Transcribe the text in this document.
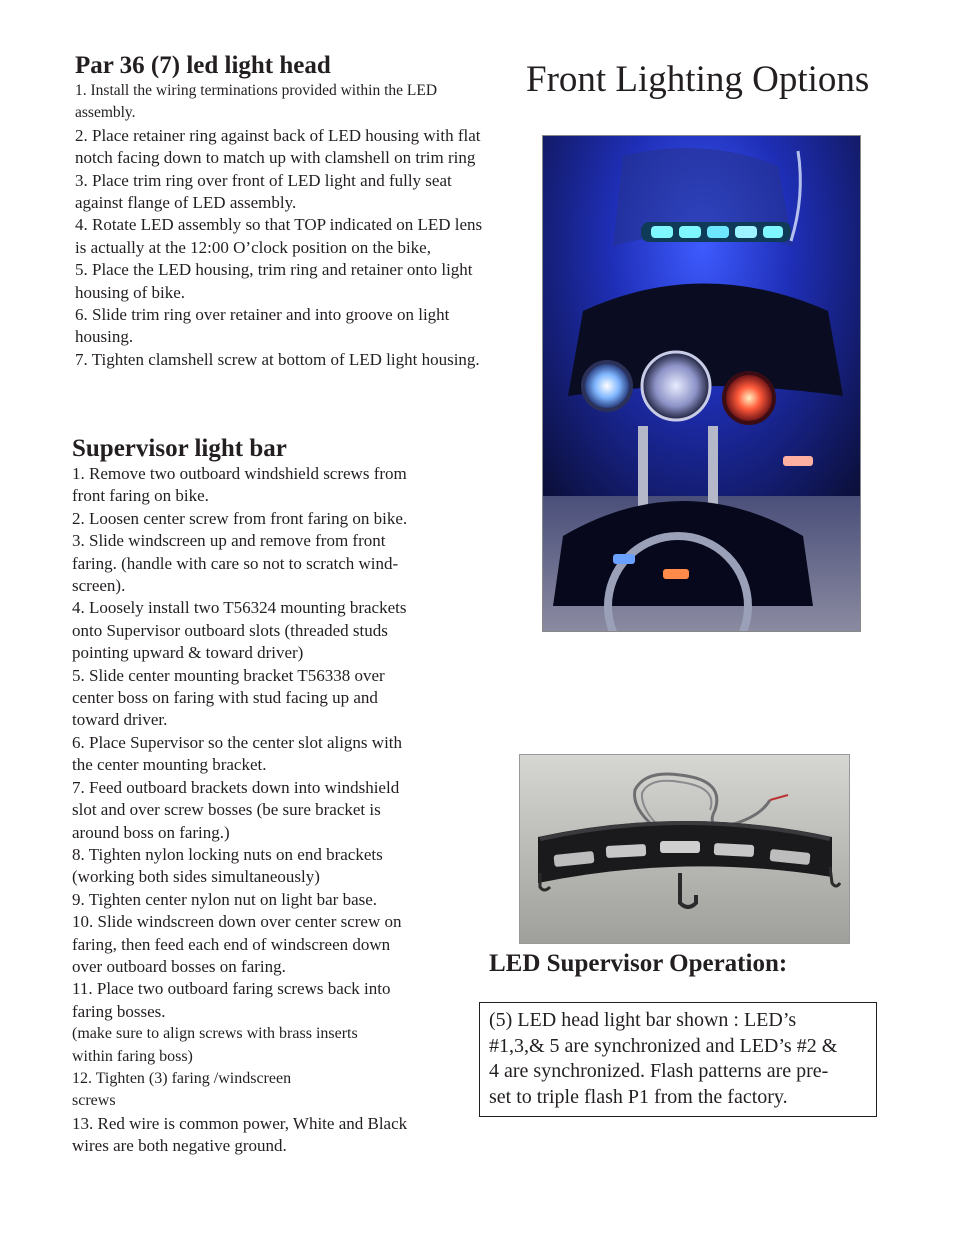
Par 36 (7) led light head
1. Install the wiring terminations provided within the LED
assembly.
2. Place retainer ring against back of LED housing with flat
notch facing down to match up with clamshell on trim ring
3. Place trim ring over front of LED light and fully seat
against flange of LED assembly.
4. Rotate LED assembly so that TOP indicated on LED lens
is actually at the 12:00 O’clock position on the bike,
5. Place the LED housing, trim ring and retainer onto light
housing of bike.
6. Slide trim ring over retainer and into groove on light
housing.
7. Tighten clamshell screw at bottom of LED light housing.
Front Lighting Options
Supervisor light bar
1. Remove two outboard windshield screws from
front faring on bike.
2. Loosen center screw from front faring on bike.
3. Slide windscreen up and remove from front
faring. (handle with care so not to scratch wind-
screen).
4. Loosely install two T56324 mounting brackets
onto Supervisor outboard slots (threaded studs
pointing upward & toward driver)
5. Slide center mounting bracket T56338 over
center boss on faring with stud facing up and
toward driver.
6. Place Supervisor so the center slot aligns with
the center mounting bracket.
7. Feed outboard brackets down into windshield
slot and over screw bosses (be sure bracket is
around boss on faring.)
8. Tighten nylon locking nuts on end brackets
(working both sides simultaneously)
9. Tighten center nylon nut on light bar base.
10. Slide windscreen down over center screw on
faring, then feed each end of windscreen down
over outboard bosses on faring.
11. Place two outboard faring screws back into
faring bosses.
(make sure to align screws with brass inserts
within faring boss)
12. Tighten (3) faring /windscreen
screws
13. Red wire is common power, White and Black
wires are both negative ground.
LED Supervisor Operation:
(5) LED head light bar shown : LED’s
#1,3,& 5 are synchronized and LED’s #2 &
4 are synchronized. Flash patterns are pre-
set to triple flash P1 from the factory.
